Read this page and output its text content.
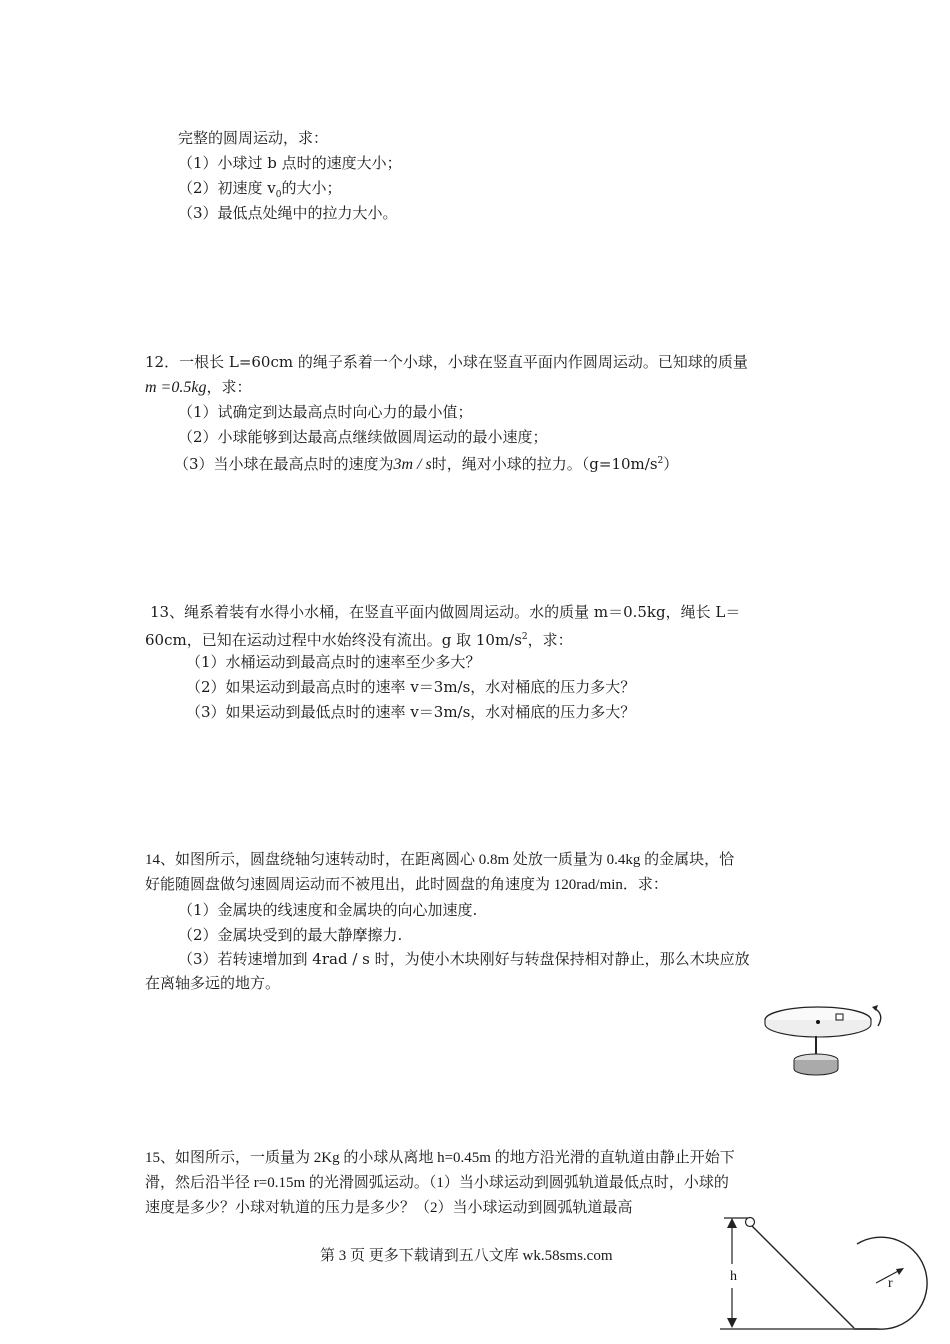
完整的圆周运动，求：
（1）小球过 b 点时的速度大小；
（2）初速度 $v_0$的大小；
（3）最低点处绳中的拉力大小。
12．一根长 L=60cm 的绳子系着一个小球，小球在竖直平面内作圆周运动。已知球的质量
m =0.5kg，求：
（1）试确定到达最高点时向心力的最小值；
（2）小球能够到达最高点继续做圆周运动的最小速度；
（3）当小球在最高点时的速度为3m / s时，绳对小球的拉力。$(g=10m/s^2)$
13、绳系着装有水得小水桶，在竖直平面内做圆周运动。水的质量 m＝0.5kg，绳长 L＝
60cm，已知在运动过程中水始终没有流出。g 取 $10m/s^2$，求：
（1）水桶运动到最高点时的速率至少多大？
（2）如果运动到最高点时的速率 v＝3m/s，水对桶底的压力多大？
（3）如果运动到最低点时的速率 v＝3m/s，水对桶底的压力多大？
14、如图所示，圆盘绕轴匀速转动时，在距离圆心 0.8m 处放一质量为 0.4kg 的金属块，恰
好能随圆盘做匀速圆周运动而不被甩出，此时圆盘的角速度为 120rad/min．求：
（1）金属块的线速度和金属块的向心加速度.
（2）金属块受到的最大静摩擦力.
（3）若转速增加到 4rad / s 时，为使小木块刚好与转盘保持相对静止，那么木块应放
在离轴多远的地方。
15、如图所示，一质量为 2Kg 的小球从离地 h=0.45m 的地方沿光滑的直轨道由静止开始下
滑，然后沿半径 r=0.15m 的光滑圆弧运动。（1）当小球运动到圆弧轨道最低点时，小球的
速度是多少？小球对轨道的压力是多少？（2）当小球运动到圆弧轨道最高
h	r
第 3 页 更多下载请到五八文库 wk.58sms.com
